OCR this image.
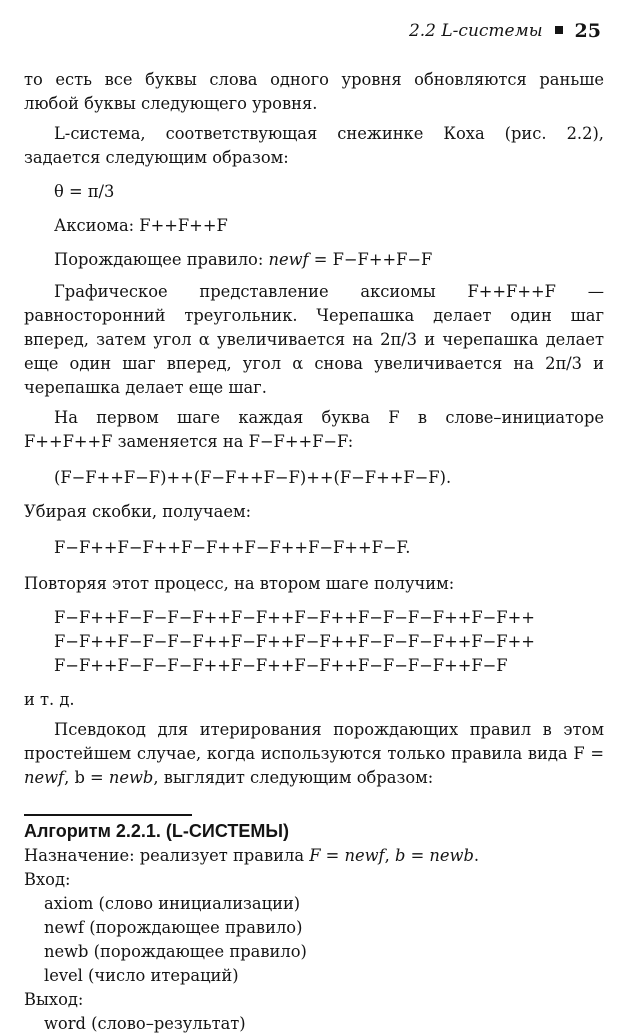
2.2 L-системы 25

то есть все буквы слова одного уровня обновляются раньше любой буквы следующего уровня.

L-система, соответствующая снежинке Коха (рис. 2.2), задается следующим образом:

θ = π/3

Аксиома: F++F++F

Порождающее правило: newf = F−F++F−F

Графическое представление аксиомы F++F++F — равносторонний треугольник. Черепашка делает один шаг вперед, затем угол α увеличивается на 2π/3 и черепашка делает еще один шаг вперед, угол α снова увеличивается на 2π/3 и черепашка делает еще шаг.

На первом шаге каждая буква F в слове–инициаторе F++F++F заменяется на F−F++F−F:

(F−F++F−F)++(F−F++F−F)++(F−F++F−F).

Убирая скобки, получаем:

F−F++F−F++F−F++F−F++F−F++F−F.

Повторяя этот процесс, на втором шаге получим:

F−F++F−F−F−F++F−F++F−F++F−F−F−F++F−F++

F−F++F−F−F−F++F−F++F−F++F−F−F−F++F−F++

F−F++F−F−F−F++F−F++F−F++F−F−F−F++F−F

и т. д.

Псевдокод для итерирования порождающих правил в этом простейшем случае, когда используются только правила вида F = newf, b = newb, выглядит следующим образом:

Алгоритм 2.2.1. (L-СИСТЕМЫ)

Назначение: реализует правила F = newf, b = newb.

Вход:

axiom (слово инициализации)

newf (порождающее правило)

newb (порождающее правило)

level (число итераций)

Выход:

word (слово–результат)
